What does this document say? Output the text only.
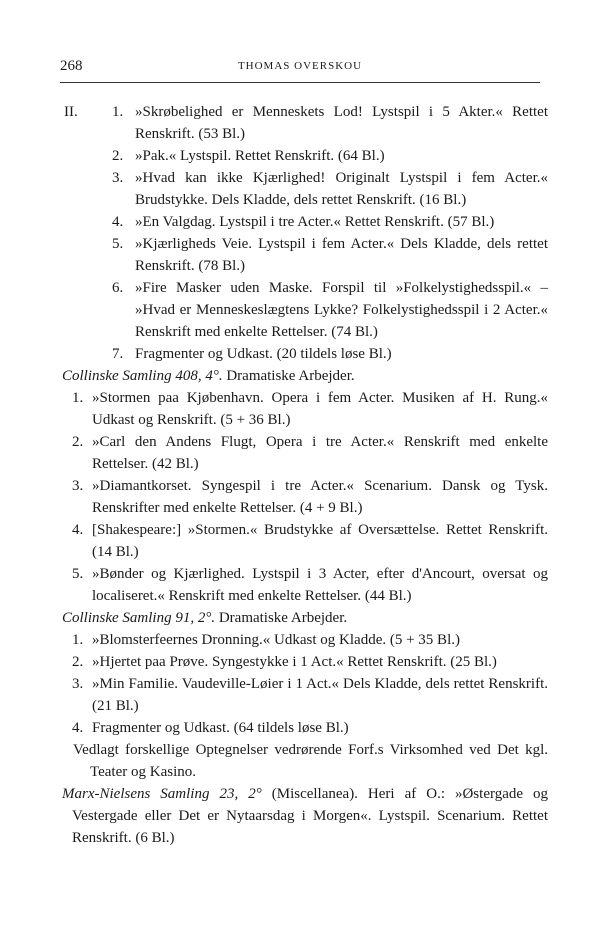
268	THOMAS OVERSKOU

II. 1. »Skrøbelighed er Menneskets Lod! Lystspil i 5 Akter.« Rettet Renskrift. (53 Bl.)

2. »Pak.« Lystspil. Rettet Renskrift. (64 Bl.)

3. »Hvad kan ikke Kjærlighed! Originalt Lystspil i fem Acter.« Brudstykke. Dels Kladde, dels rettet Renskrift. (16 Bl.)

4. »En Valgdag. Lystspil i tre Acter.« Rettet Renskrift. (57 Bl.)

5. »Kjærligheds Veie. Lystspil i fem Acter.« Dels Kladde, dels rettet Renskrift. (78 Bl.)

6. »Fire Masker uden Maske. Forspil til »Folkelystighedsspil.« – »Hvad er Menneskeslægtens Lykke? Folkelystighedsspil i 2 Acter.« Renskrift med enkelte Rettelser. (74 Bl.)

7. Fragmenter og Udkast. (20 tildels løse Bl.)

Collinske Samling 408, 4°. Dramatiske Arbejder.

1. »Stormen paa Kjøbenhavn. Opera i fem Acter. Musiken af H. Rung.« Udkast og Renskrift. (5 + 36 Bl.)

2. »Carl den Andens Flugt, Opera i tre Acter.« Renskrift med enkelte Rettelser. (42 Bl.)

3. »Diamantkorset. Syngespil i tre Acter.« Scenarium. Dansk og Tysk. Renskrifter med enkelte Rettelser. (4 + 9 Bl.)

4. [Shakespeare:] »Stormen.« Brudstykke af Oversættelse. Rettet Renskrift. (14 Bl.)

5. »Bønder og Kjærlighed. Lystspil i 3 Acter, efter d'Ancourt, oversat og localiseret.« Renskrift med enkelte Rettelser. (44 Bl.)

Collinske Samling 91, 2°. Dramatiske Arbejder.

1. »Blomsterfeernes Dronning.« Udkast og Kladde. (5 + 35 Bl.)

2. »Hjertet paa Prøve. Syngestykke i 1 Act.« Rettet Renskrift. (25 Bl.)

3. »Min Familie. Vaudeville-Løier i 1 Act.« Dels Kladde, dels rettet Renskrift. (21 Bl.)

4. Fragmenter og Udkast. (64 tildels løse Bl.)

Vedlagt forskellige Optegnelser vedrørende Forf.s Virksomhed ved Det kgl. Teater og Kasino.

Marx-Nielsens Samling 23, 2° (Miscellanea). Heri af O.: »Østergade og Vestergade eller Det er Nytaarsdag i Morgen«. Lystspil. Scenarium. Rettet Renskrift. (6 Bl.)
